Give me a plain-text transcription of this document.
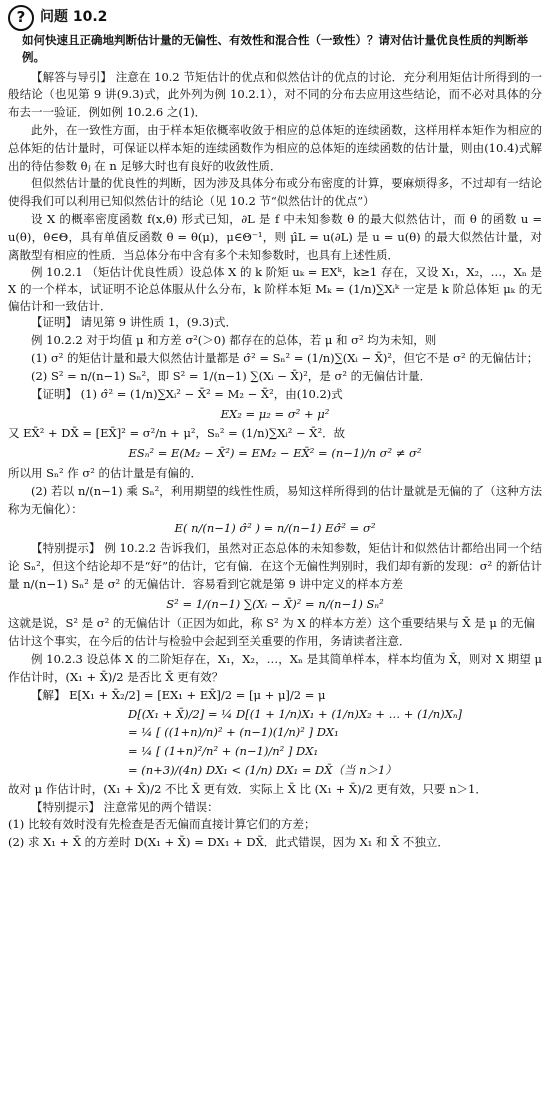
?	问题 10.2

如何快速且正确地判断估计量的无偏性、有效性和混合性（一致性）？请对估计量优良性质的判断举例。

【解答与导引】 注意在 10.2 节矩估计的优点和似然估计的优点的讨论．充分利用矩估计所得到的一般结论（也见第 9 讲(9.3)式，此外列为例 10.2.1），对不同的分布去应用这些结论，而不必对具体的分布去一一验证．例如例 10.2.6 之(1)．

此外，在一致性方面，由于样本矩依概率收敛于相应的总体矩的连续函数，这样用样本矩作为相应的总体矩的估计量时，可保证以样本矩的连续函数作为相应的总体矩的连续函数的估计量，则由(10.4)式解出的待估参数 θⱼ 在 n 足够大时也有良好的收敛性质．

但似然估计量的优良性的判断，因为涉及具体分布或分布密度的计算，要麻烦得多，不过却有一结论使得我们可以利用已知似然估计的结论（见 10.2 节“似然估计的优点”）

设 X 的概率密度函数 f(x,θ) 形式已知，∂L 是 f 中未知参数 θ 的最大似然估计，而 θ 的函数 u = u(θ)，θ∈Θ，具有单值反函数 θ = θ(μ)，μ∈Θ⁻¹，则 μ̂L = u(∂L) 是 u = u(θ) 的最大似然估计量，对离散型有相应的性质．当总体分布中含有多个未知参数时，也具有上述性质．

例 10.2.1 （矩估计优良性质）设总体 X 的 k 阶矩 uₖ = EXᵏ，k≥1 存在，又设 X₁，X₂，…，Xₙ 是 X 的一个样本，试证明不论总体服从什么分布，k 阶样本矩 Mₖ = (1/n)∑Xᵢᵏ 一定是 k 阶总体矩 μₖ 的无偏估计和一致估计．

【证明】 请见第 9 讲性质 1，(9.3)式．

例 10.2.2 对于均值 μ 和方差 σ²(＞0) 都存在的总体，若 μ 和 σ² 均为未知，则

(1) σ² 的矩估计量和最大似然估计量都是 σ̂² = Sₙ² = (1/n)∑(Xᵢ − X̄)²，但它不是 σ² 的无偏估计；

(2) S² = n/(n−1) Sₙ²，即 S² = 1/(n−1) ∑(Xᵢ − X̄)²，是 σ² 的无偏估计量．

【证明】 (1) σ̂² = (1/n)∑Xᵢ² − X̄² = M₂ − X̄²，由(10.2)式

EX₂ = μ₂ = σ² + μ²

又 EX̄² + DX̄ = [EX̄]² = σ²/n + μ²，Sₙ² = (1/n)∑Xᵢ² − X̄²．故

ESₙ² = E(M₂ − X̄²) = EM₂ − EX̄² = (n−1)/n σ² ≠ σ²

所以用 Sₙ² 作 σ² 的估计量是有偏的．

(2) 若以 n/(n−1) 乘 Sₙ²，利用期望的线性性质，易知这样所得到的估计量就是无偏的了（这种方法称为无偏化）：

E( n/(n−1) σ̂² ) = n/(n−1) Eσ̂² = σ²

【特别提示】 例 10.2.2 告诉我们，虽然对正态总体的未知参数，矩估计和似然估计都给出同一个结论 Sₙ²，但这个结论却不是“好”的估计，它有偏．在这个无偏性判别时，我们却有新的发现：σ² 的新估计量 n/(n−1) Sₙ² 是 σ² 的无偏估计．容易看到它就是第 9 讲中定义的样本方差

S² = 1/(n−1) ∑(Xᵢ − X̄)² = n/(n−1) Sₙ²

这就是说，S² 是 σ² 的无偏估计（正因为如此，称 S² 为 X 的样本方差）这个重要结果与 X̄ 是 μ 的无偏估计这个事实，在今后的估计与检验中会起到至关重要的作用，务请读者注意．

例 10.2.3 设总体 X 的二阶矩存在，X₁，X₂，…，Xₙ 是其简单样本，样本均值为 X̄，则对 X 期望 μ 作估计时，(X₁ + X̄)/2 是否比 X̄ 更有效？

【解】 E[X₁ + X̄₂/2] = [EX₁ + EX̄]/2 = [μ + μ]/2 = μ

D[(X₁ + X̄)/2] = ¼ D[(1 + 1/n)X₁ + (1/n)X₂ + … + (1/n)Xₙ]

= ¼ [ ((1+n)/n)² + (n−1)(1/n)² ] DX₁

= ¼ [ (1+n)²/n² + (n−1)/n² ] DX₁

= (n+3)/(4n) DX₁ < (1/n) DX₁ = DX̄（当 n＞1）

故对 μ 作估计时，(X₁ + X̄)/2 不比 X̄ 更有效．实际上 X̄ 比 (X₁ + X̄)/2 更有效，只要 n＞1．

【特别提示】 注意常见的两个错误：

(1) 比较有效时没有先检查是否无偏而直接计算它们的方差；

(2) 求 X₁ + X̄ 的方差时 D(X₁ + X̄) = DX₁ + DX̄．此式错误，因为 X₁ 和 X̄ 不独立．
